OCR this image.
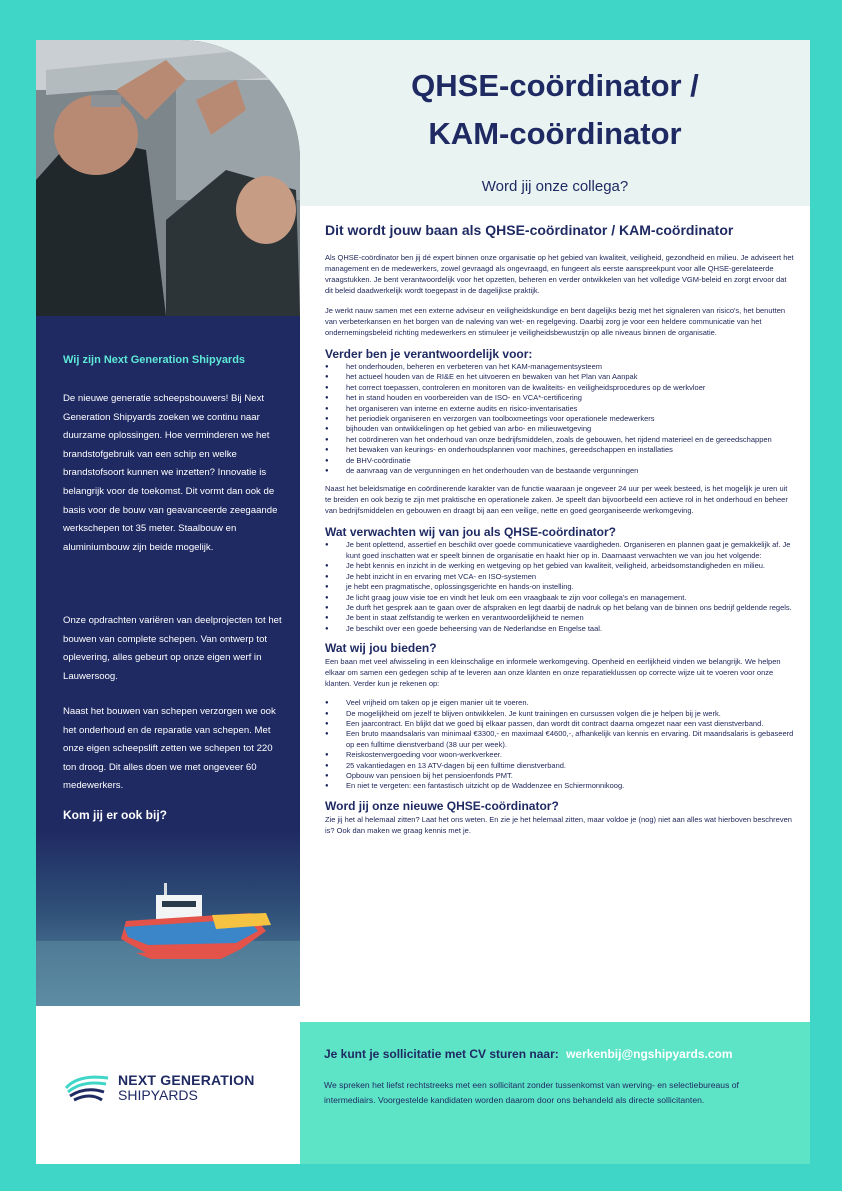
Wij zijn Next Generation Shipyards

De nieuwe generatie scheepsbouwers! Bij Next Generation Shipyards zoeken we continu naar duurzame oplossingen. Hoe verminderen we het brandstofgebruik van een schip en welke brandstofsoort kunnen we inzetten? Innovatie is belangrijk voor de toekomst. Dit vormt dan ook de basis voor de bouw van geavanceerde zeegaande werkschepen tot 35 meter. Staalbouw en aluminiumbouw zijn beide mogelijk.

Onze opdrachten variëren van deelprojecten tot het bouwen van complete schepen. Van ontwerp tot oplevering, alles gebeurt op onze eigen werf in Lauwersoog.

Naast het bouwen van schepen verzorgen we ook het onderhoud en de reparatie van schepen. Met onze eigen scheepslift zetten we schepen tot 220 ton droog. Dit alles doen we met ongeveer 60 medewerkers.

Kom jij er ook bij?
NEXT GENERATION
SHIPYARDS
QHSE-coördinator /
KAM-coördinator
Word jij onze collega?
Dit wordt jouw baan als QHSE-coördinator / KAM-coördinator

Als QHSE-coördinator ben jij dé expert binnen onze organisatie op het gebied van kwaliteit, veiligheid, gezondheid en milieu. Je adviseert het management en de medewerkers, zowel gevraagd als ongevraagd, en fungeert als eerste aanspreekpunt voor alle QHSE-gerelateerde vraagstukken. Je bent verantwoordelijk voor het opzetten, beheren en verder ontwikkelen van het volledige VGM-beleid en zorgt ervoor dat dit beleid daadwerkelijk wordt toegepast in de dagelijkse praktijk.

Je werkt nauw samen met een externe adviseur en veiligheidskundige en bent dagelijks bezig met het signaleren van risico's, het benutten van verbeterkansen en het borgen van de naleving van wet- en regelgeving. Daarbij zorg je voor een heldere communicatie van het ondernemingsbeleid richting medewerkers en stimuleer je veiligheidsbewustzijn op alle niveaus binnen de organisatie.

Verder ben je verantwoordelijk voor:
● het onderhouden, beheren en verbeteren van het KAM-managementsysteem
● het actueel houden van de RI&E en het uitvoeren en bewaken van het Plan van Aanpak
● het correct toepassen, controleren en monitoren van de kwaliteits- en veiligheidsprocedures op de werkvloer
● het in stand houden en voorbereiden van de ISO- en VCA*-certificering
● het organiseren van interne en externe audits en risico-inventarisaties
● het periodiek organiseren en verzorgen van toolboxmeetings voor operationele medewerkers
● bijhouden van ontwikkelingen op het gebied van arbo- en milieuwetgeving
● het coördineren van het onderhoud van onze bedrijfsmiddelen, zoals de gebouwen, het rijdend materieel en de gereedschappen
● het bewaken van keurings- en onderhoudsplannen voor machines, gereedschappen en installaties
● de BHV-coördinatie
● de aanvraag van de vergunningen en het onderhouden van de bestaande vergunningen

Naast het beleidsmatige en coördinerende karakter van de functie waaraan je ongeveer 24 uur per week besteed, is het mogelijk je uren uit te breiden en ook bezig te zijn met praktische en operationele zaken. Je speelt dan bijvoorbeeld een actieve rol in het onderhoud en beheer van bedrijfsmiddelen en gebouwen en draagt bij aan een veilige, nette en goed georganiseerde werkomgeving.

Wat verwachten wij van jou als QHSE-coördinator?
● Je bent oplettend, assertief en beschikt over goede communicatieve vaardigheden. Organiseren en plannen gaat je gemakkelijk af. Je kunt goed inschatten wat er speelt binnen de organisatie en haakt hier op in. Daarnaast verwachten we van jou het volgende:
● Je hebt kennis en inzicht in de werking en wetgeving op het gebied van kwaliteit, veiligheid, arbeidsomstandigheden en milieu.
● Je hebt inzicht in en ervaring met VCA- en ISO-systemen
● je hebt een pragmatische, oplossingsgerichte en hands-on instelling.
● Je licht graag jouw visie toe en vindt het leuk om een vraagbaak te zijn voor collega's en management.
● Je durft het gesprek aan te gaan over de afspraken en legt daarbij de nadruk op het belang van de binnen ons bedrijf geldende regels.
● Je bent in staat zelfstandig te werken en verantwoordelijkheid te nemen
● Je beschikt over een goede beheersing van de Nederlandse en Engelse taal.
Wat wij jou bieden?

Een baan met veel afwisseling in een kleinschalige en informele werkomgeving. Openheid en eerlijkheid vinden we belangrijk. We helpen elkaar om samen een gedegen schip af te leveren aan onze klanten en onze reparatieklussen op correcte wijze uit te voeren voor onze klanten. Verder kun je rekenen op:

● Veel vrijheid om taken op je eigen manier uit te voeren.
● De mogelijkheid om jezelf te blijven ontwikkelen. Je kunt trainingen en cursussen volgen die je helpen bij je werk.
● Een jaarcontract. En blijkt dat we goed bij elkaar passen, dan wordt dit contract daarna omgezet naar een vast dienstverband.
● Een bruto maandsalaris van minimaal €3300,- en maximaal €4600,-, afhankelijk van kennis en ervaring. Dit maandsalaris is gebaseerd op een fulltime dienstverband (38 uur per week).
● Reiskostenvergoeding voor woon-werkverkeer.
● 25 vakantiedagen en 13 ATV-dagen bij een fulltime dienstverband.
● Opbouw van pensioen bij het pensioenfonds PMT.
● En niet te vergeten: een fantastisch uitzicht op de Waddenzee en Schiermonnikoog.
Word jij onze nieuwe QHSE-coördinator?

Zie jij het al helemaal zitten? Laat het ons weten. En zie je het helemaal zitten, maar voldoe je (nog) niet aan alles wat hierboven beschreven is? Ook dan maken we graag kennis met je.

Je kunt je sollicitatie met CV sturen naar: werkenbij@ngshipyards.com

We spreken het liefst rechtstreeks met een sollicitant zonder tussenkomst van werving- en selectiebureaus of intermediairs. Voorgestelde kandidaten worden daarom door ons behandeld als directe sollicitanten.
